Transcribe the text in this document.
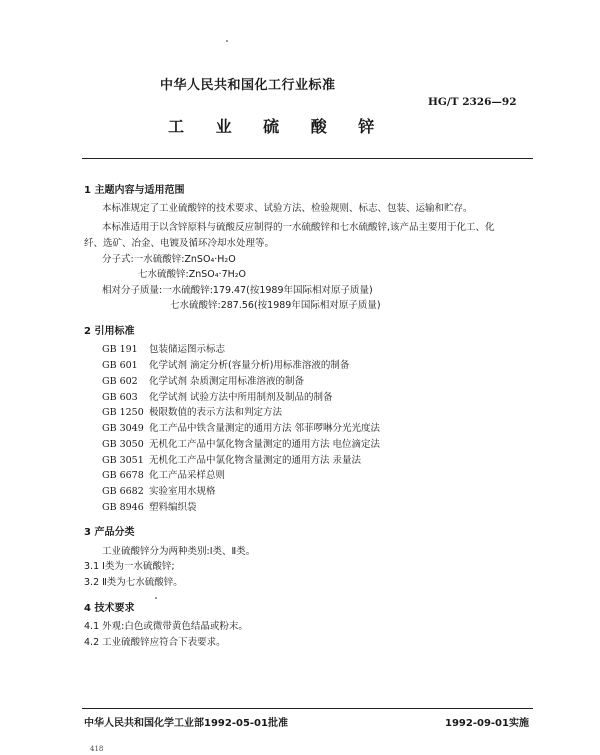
中华人民共和国化工行业标准
HG/T 2326—92
工 业 硫 酸 锌
1 主题内容与适用范围
本标准规定了工业硫酸锌的技术要求、试验方法、检验规则、标志、包装、运输和贮存。
本标准适用于以含锌原料与硫酸反应制得的一水硫酸锌和七水硫酸锌,该产品主要用于化工、化
纤、选矿、冶金、电镀及循环冷却水处理等。
分子式:一水硫酸锌:ZnSO₄·H₂O
七水硫酸锌:ZnSO₄·7H₂O
相对分子质量:一水硫酸锌:179.47(按1989年国际相对原子质量)
七水硫酸锌:287.56(按1989年国际相对原子质量)
2 引用标准
GB 191	包装储运图示标志
GB 601	化学试剂 滴定分析(容量分析)用标准溶液的制备
GB 602	化学试剂 杂质测定用标准溶液的制备
GB 603	化学试剂 试验方法中所用制剂及制品的制备
GB 1250 极限数值的表示方法和判定方法
GB 3049 化工产品中铁含量测定的通用方法 邻菲啰啉分光光度法
GB 3050 无机化工产品中氯化物含量测定的通用方法 电位滴定法
GB 3051 无机化工产品中氯化物含量测定的通用方法 汞量法
GB 6678 化工产品采样总则
GB 6682 实验室用水规格
GB 8946 塑料编织袋
3 产品分类
工业硫酸锌分为两种类别:Ⅰ类、Ⅱ类。
3.1 Ⅰ类为一水硫酸锌;
3.2 Ⅱ类为七水硫酸锌。
4 技术要求
4.1 外观:白色或微带黄色结晶或粉末。
4.2 工业硫酸锌应符合下表要求。
中华人民共和国化学工业部1992-05-01批准	1992-09-01实施
418
